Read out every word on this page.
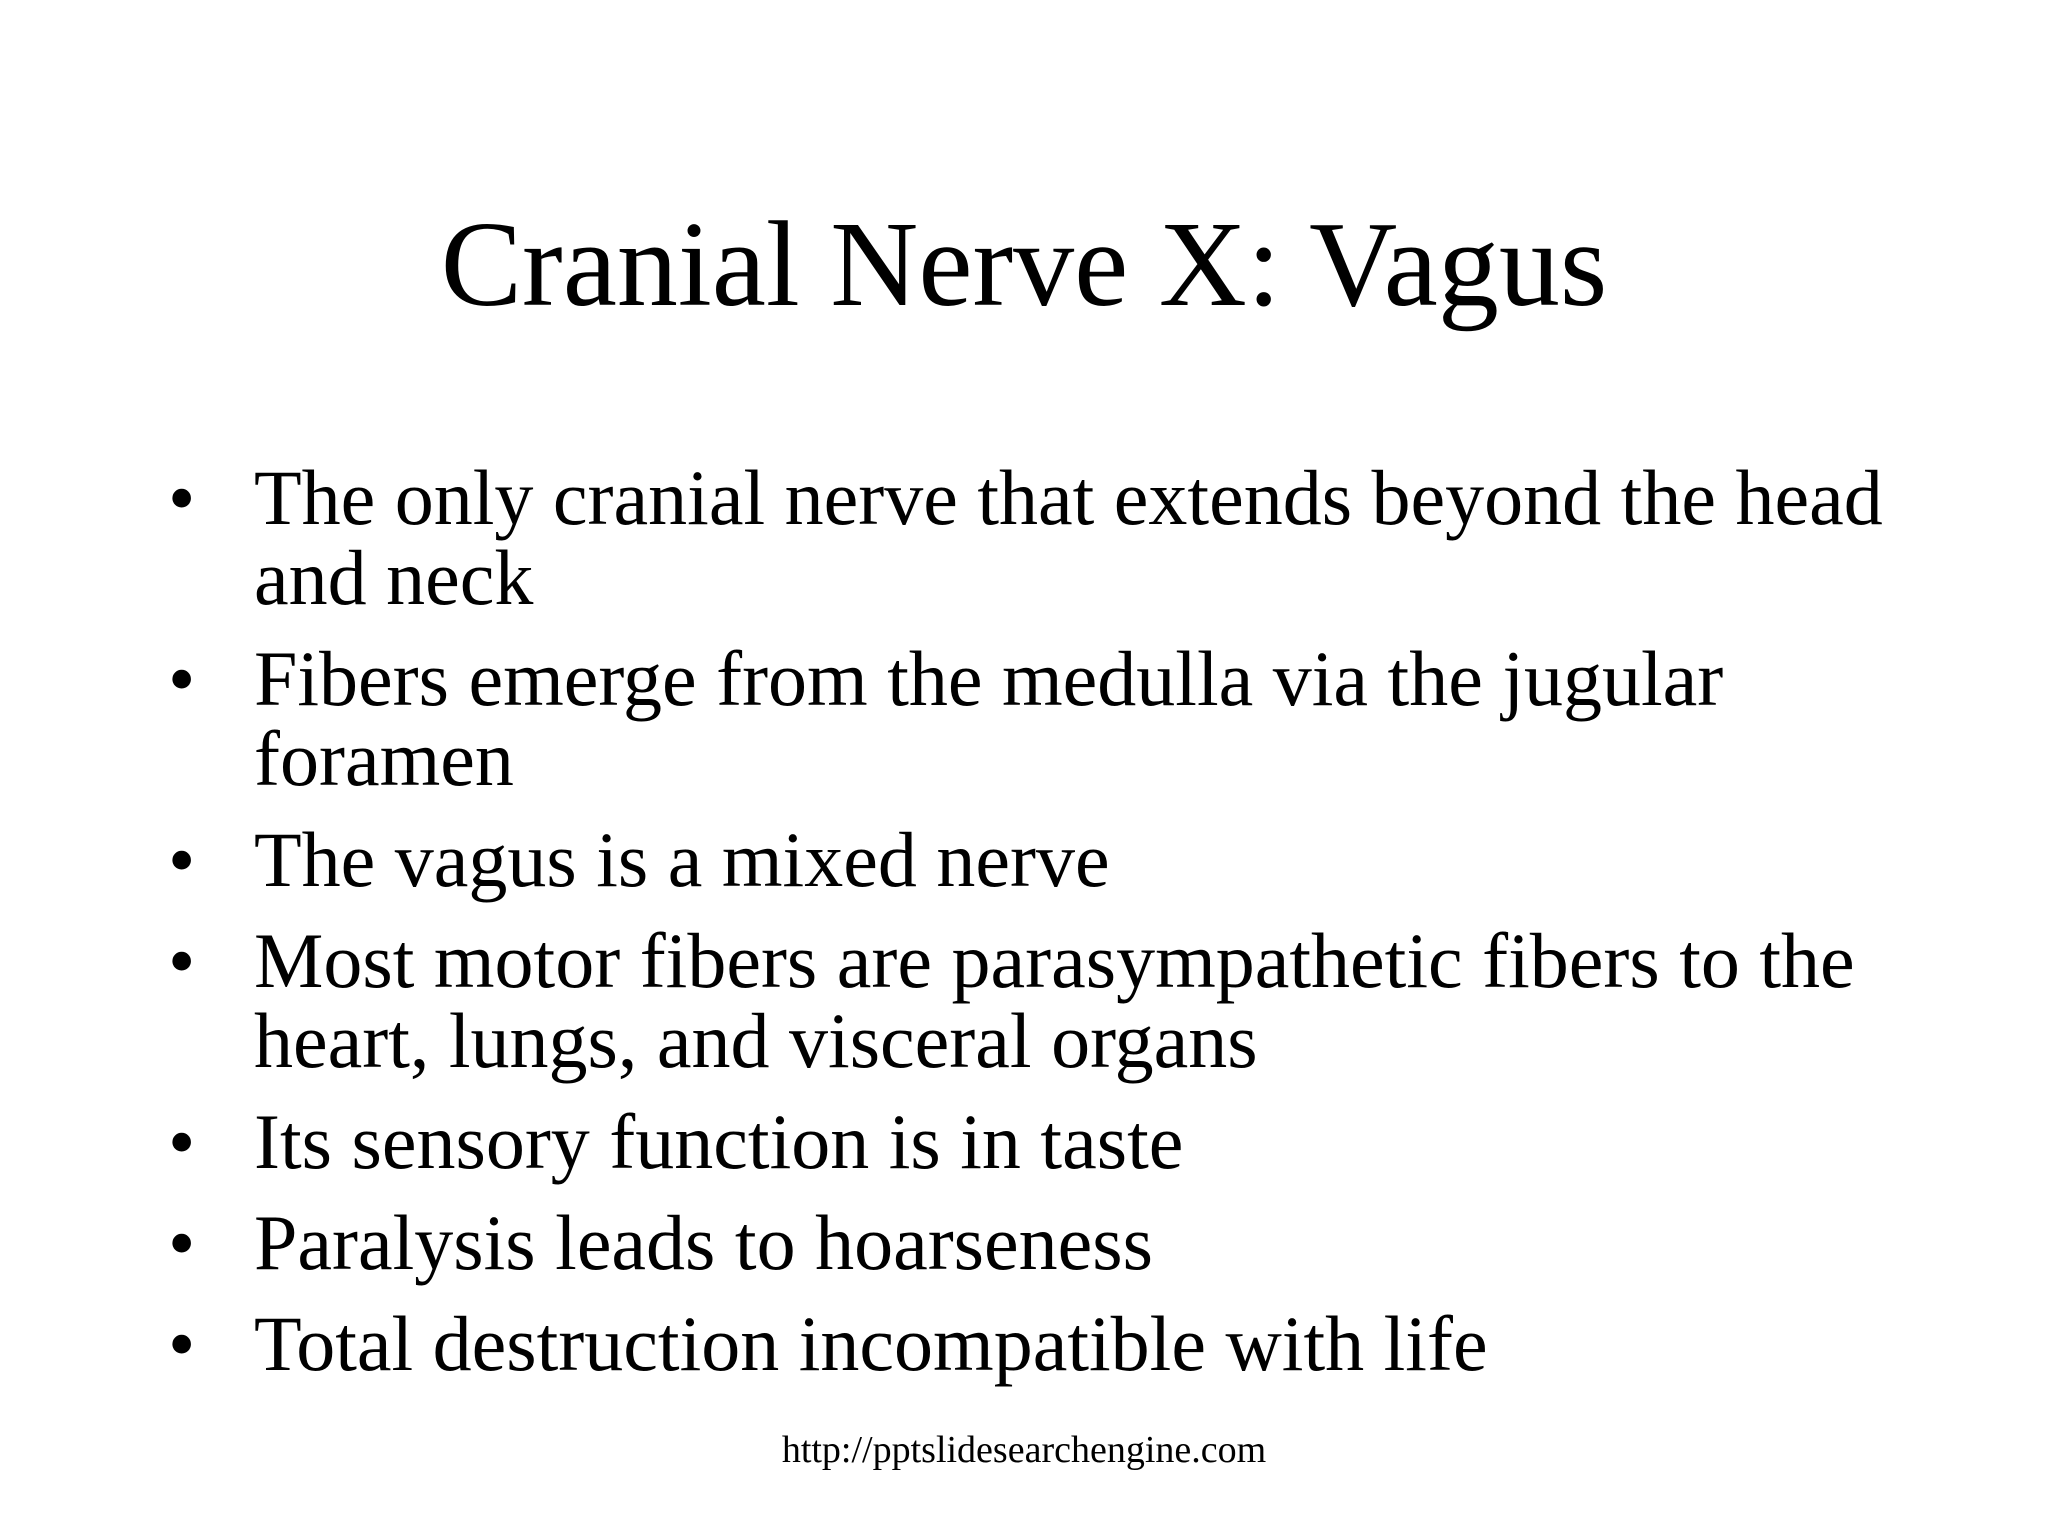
Cranial Nerve X: Vagus
• The only cranial nerve that extends beyond the head and neck
• Fibers emerge from the medulla via the jugular foramen
• The vagus is a mixed nerve
• Most motor fibers are parasympathetic fibers to the heart, lungs, and visceral organs
• Its sensory function is in taste
• Paralysis leads to hoarseness
• Total destruction incompatible with life
http://pptslidesearchengine.com
